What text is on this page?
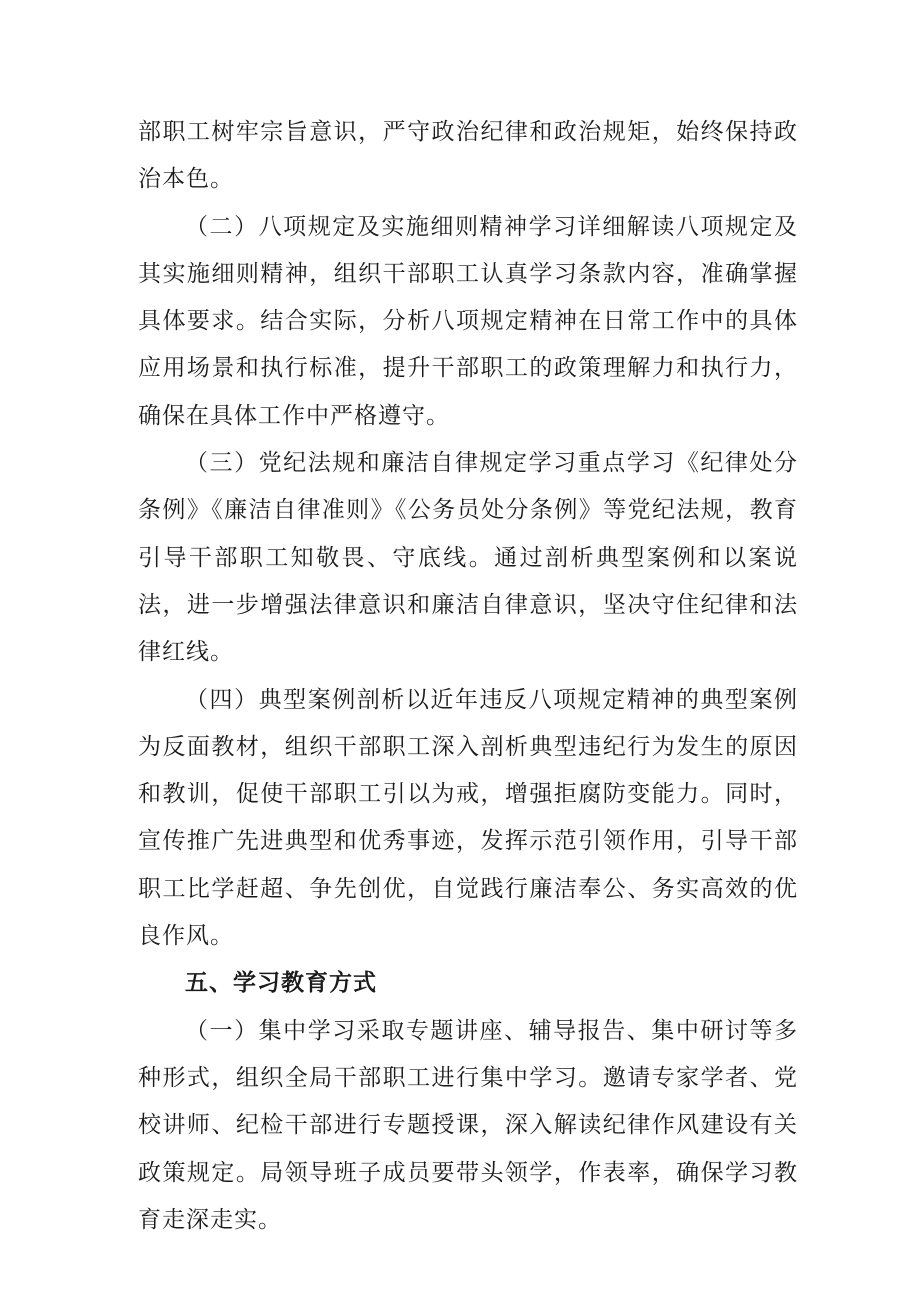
部职工树牢宗旨意识，严守政治纪律和政治规矩，始终保持政治本色。

（二）八项规定及实施细则精神学习详细解读八项规定及其实施细则精神，组织干部职工认真学习条款内容，准确掌握具体要求。结合实际，分析八项规定精神在日常工作中的具体应用场景和执行标准，提升干部职工的政策理解力和执行力，确保在具体工作中严格遵守。

（三）党纪法规和廉洁自律规定学习重点学习《纪律处分条例》《廉洁自律准则》《公务员处分条例》等党纪法规，教育引导干部职工知敬畏、守底线。通过剖析典型案例和以案说法，进一步增强法律意识和廉洁自律意识，坚决守住纪律和法律红线。

（四）典型案例剖析以近年违反八项规定精神的典型案例为反面教材，组织干部职工深入剖析典型违纪行为发生的原因和教训，促使干部职工引以为戒，增强拒腐防变能力。同时，宣传推广先进典型和优秀事迹，发挥示范引领作用，引导干部职工比学赶超、争先创优，自觉践行廉洁奉公、务实高效的优良作风。

五、学习教育方式

（一）集中学习采取专题讲座、辅导报告、集中研讨等多种形式，组织全局干部职工进行集中学习。邀请专家学者、党校讲师、纪检干部进行专题授课，深入解读纪律作风建设有关政策规定。局领导班子成员要带头领学，作表率，确保学习教育走深走实。
